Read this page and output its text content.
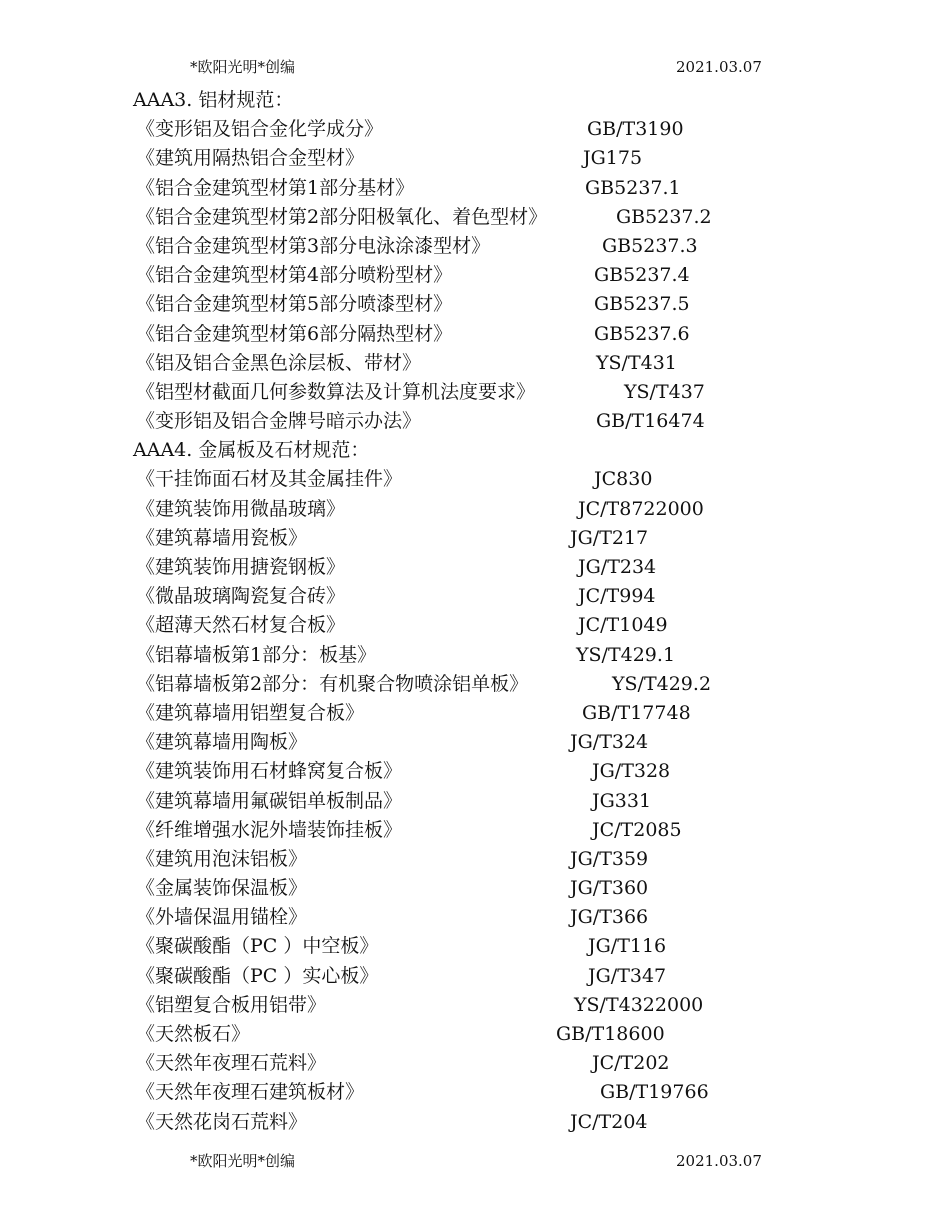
*欧阳光明*创编	2021.03.07
AAA3. 铝材规范：
《变形铝及铝合金化学成分》	GB/T3190
《建筑用隔热铝合金型材》	JG175
《铝合金建筑型材第1部分基材》	GB5237.1
《铝合金建筑型材第2部分阳极氧化、着色型材》	GB5237.2
《铝合金建筑型材第3部分电泳涂漆型材》	GB5237.3
《铝合金建筑型材第4部分喷粉型材》	GB5237.4
《铝合金建筑型材第5部分喷漆型材》	GB5237.5
《铝合金建筑型材第6部分隔热型材》	GB5237.6
《铝及铝合金黑色涂层板、带材》	YS/T431
《铝型材截面几何参数算法及计算机法度要求》	YS/T437
《变形铝及铝合金牌号暗示办法》	GB/T16474
AAA4. 金属板及石材规范：
《干挂饰面石材及其金属挂件》	JC830
《建筑装饰用微晶玻璃》	JC/T8722000
《建筑幕墙用瓷板》	JG/T217
《建筑装饰用搪瓷钢板》	JG/T234
《微晶玻璃陶瓷复合砖》	JC/T994
《超薄天然石材复合板》	JC/T1049
《铝幕墙板第1部分：板基》	YS/T429.1
《铝幕墙板第2部分：有机聚合物喷涂铝单板》	YS/T429.2
《建筑幕墙用铝塑复合板》	GB/T17748
《建筑幕墙用陶板》	JG/T324
《建筑装饰用石材蜂窝复合板》	JG/T328
《建筑幕墙用氟碳铝单板制品》	JG331
《纤维增强水泥外墙装饰挂板》	JC/T2085
《建筑用泡沫铝板》	JG/T359
《金属装饰保温板》	JG/T360
《外墙保温用锚栓》	JG/T366
《聚碳酸酯（PC ）中空板》	JG/T116
《聚碳酸酯（PC ）实心板》	JG/T347
《铝塑复合板用铝带》	YS/T4322000
《天然板石》	GB/T18600
《天然年夜理石荒料》	JC/T202
《天然年夜理石建筑板材》	GB/T19766
《天然花岗石荒料》	JC/T204
*欧阳光明*创编	2021.03.07
